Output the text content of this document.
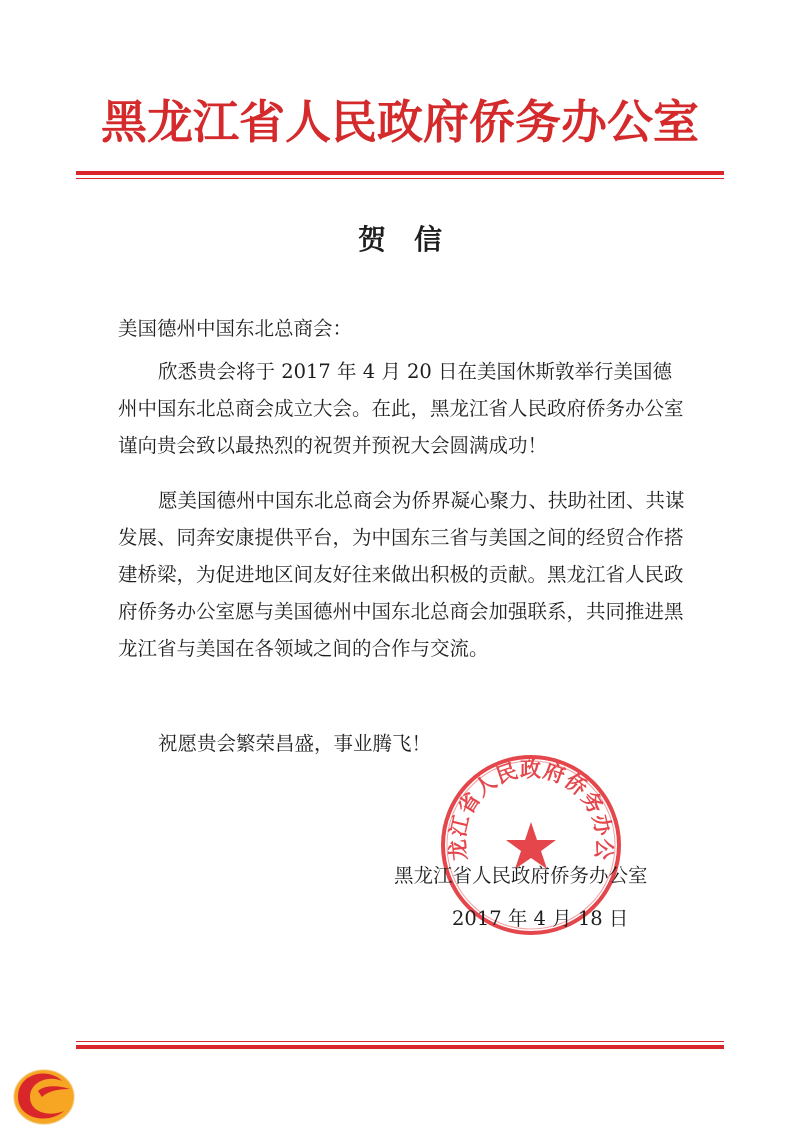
黑龙江省人民政府侨务办公室
贺　信
美国德州中国东北总商会：
欣悉贵会将于 2017 年 4 月 20 日在美国休斯敦举行美国德州中国东北总商会成立大会。在此，黑龙江省人民政府侨务办公室谨向贵会致以最热烈的祝贺并预祝大会圆满成功！
愿美国德州中国东北总商会为侨界凝心聚力、扶助社团、共谋发展、同奔安康提供平台，为中国东三省与美国之间的经贸合作搭建桥梁，为促进地区间友好往来做出积极的贡献。黑龙江省人民政府侨务办公室愿与美国德州中国东北总商会加强联系，共同推进黑龙江省与美国在各领域之间的合作与交流。
祝愿贵会繁荣昌盛，事业腾飞！
龙江省人民政府侨务办公
黑龙江省人民政府侨务办公室
2017 年 4 月 18 日
